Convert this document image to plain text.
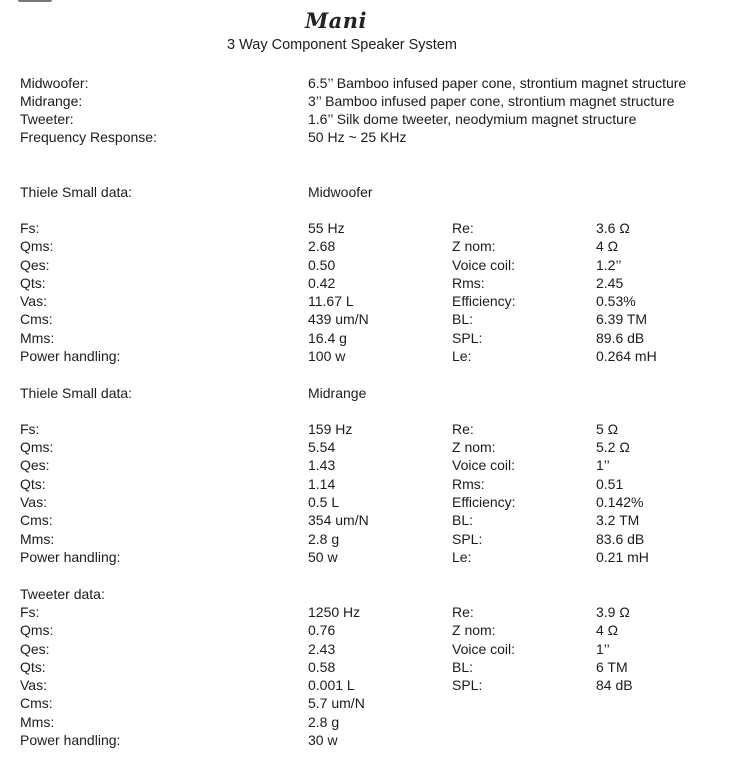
Mani
3 Way Component Speaker System
Midwoofer:	6.5’’ Bamboo infused paper cone, strontium magnet structure
Midrange:	3’’ Bamboo infused paper cone, strontium magnet structure
Tweeter:	1.6’’ Silk dome tweeter, neodymium magnet structure
Frequency Response:	50 Hz ~ 25 KHz
Thiele Small data:	Midwoofer
Fs:	55 Hz	Re:	3.6 Ω
Qms:	2.68	Z nom:	4 Ω
Qes:	0.50	Voice coil:	1.2’’
Qts:	0.42	Rms:	2.45
Vas:	11.67 L	Efficiency:	0.53%
Cms:	439 um/N	BL:	6.39 TM
Mms:	16.4 g	SPL:	89.6 dB
Power handling:	100 w	Le:	0.264 mH
Thiele Small data:	Midrange
Fs:	159 Hz	Re:	5 Ω
Qms:	5.54	Z nom:	5.2 Ω
Qes:	1.43	Voice coil:	1’’
Qts:	1.14	Rms:	0.51
Vas:	0.5 L	Efficiency:	0.142%
Cms:	354 um/N	BL:	3.2 TM
Mms:	2.8 g	SPL:	83.6 dB
Power handling:	50 w	Le:	0.21 mH
Tweeter data:
Fs:	1250 Hz	Re:	3.9 Ω
Qms:	0.76	Z nom:	4 Ω
Qes:	2.43	Voice coil:	1’’
Qts:	0.58	BL:	6 TM
Vas:	0.001 L	SPL:	84 dB
Cms:	5.7 um/N
Mms:	2.8 g
Power handling:	30 w
